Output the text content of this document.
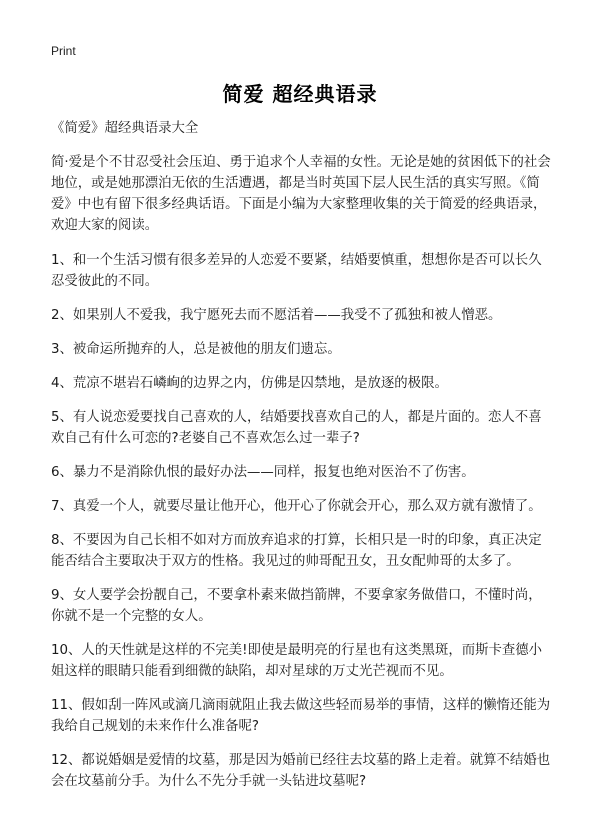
Print
简爱 超经典语录

《简爱》超经典语录大全

简·爱是个不甘忍受社会压迫、勇于追求个人幸福的女性。无论是她的贫困低下的社会地位，或是她那漂泊无依的生活遭遇，都是当时英国下层人民生活的真实写照。《简爱》中也有留下很多经典话语。下面是小编为大家整理收集的关于简爱的经典语录，欢迎大家的阅读。

1、和一个生活习惯有很多差异的人恋爱不要紧，结婚要慎重，想想你是否可以长久忍受彼此的不同。

2、如果别人不爱我，我宁愿死去而不愿活着——我受不了孤独和被人憎恶。

3、被命运所抛弃的人，总是被他的朋友们遗忘。

4、荒凉不堪岩石嶙峋的边界之内，仿佛是囚禁地，是放逐的极限。

5、有人说恋爱要找自己喜欢的人，结婚要找喜欢自己的人，都是片面的。恋人不喜欢自己有什么可恋的?老婆自己不喜欢怎么过一辈子?

6、暴力不是消除仇恨的最好办法——同样，报复也绝对医治不了伤害。

7、真爱一个人，就要尽量让他开心，他开心了你就会开心，那么双方就有激情了。

8、不要因为自己长相不如对方而放弃追求的打算，长相只是一时的印象，真正决定能否结合主要取决于双方的性格。我见过的帅哥配丑女，丑女配帅哥的太多了。

9、女人要学会扮靓自己，不要拿朴素来做挡箭牌，不要拿家务做借口，不懂时尚，你就不是一个完整的女人。

10、人的天性就是这样的不完美!即使是最明亮的行星也有这类黑斑，而斯卡查德小姐这样的眼睛只能看到细微的缺陷，却对星球的万丈光芒视而不见。

11、假如刮一阵风或滴几滴雨就阻止我去做这些轻而易举的事情，这样的懒惰还能为我给自己规划的未来作什么准备呢?

12、都说婚姻是爱情的坟墓，那是因为婚前已经往去坟墓的路上走着。就算不结婚也会在坟墓前分手。为什么不先分手就一头钻进坟墓呢?
